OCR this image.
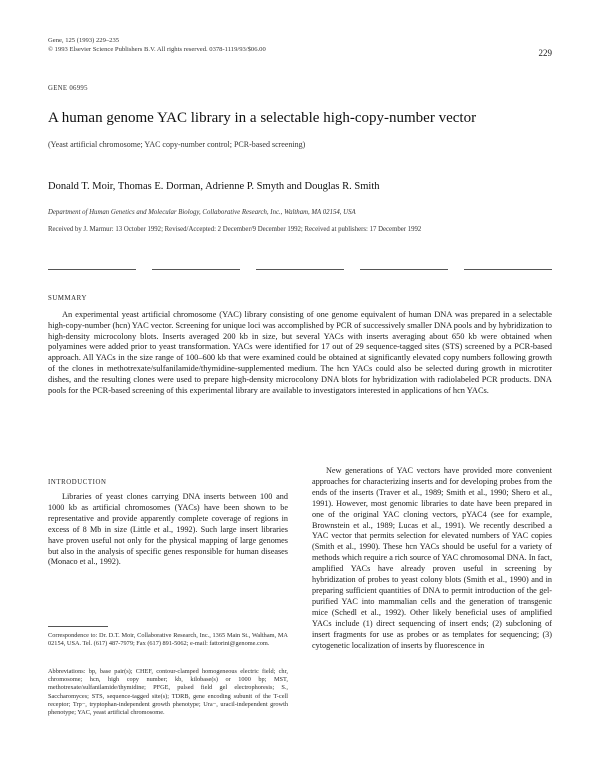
Gene, 125 (1993) 229–235
© 1993 Elsevier Science Publishers B.V. All rights reserved. 0378-1119/93/$06.00	229
GENE 06995
A human genome YAC library in a selectable high-copy-number vector
(Yeast artificial chromosome; YAC copy-number control; PCR-based screening)
Donald T. Moir, Thomas E. Dorman, Adrienne P. Smyth and Douglas R. Smith
Department of Human Genetics and Molecular Biology, Collaborative Research, Inc., Waltham, MA 02154, USA
Received by J. Marmur: 13 October 1992; Revised/Accepted: 2 December/9 December 1992; Received at publishers: 17 December 1992
SUMMARY

An experimental yeast artificial chromosome (YAC) library consisting of one genome equivalent of human DNA was prepared in a selectable high-copy-number (hcn) YAC vector. Screening for unique loci was accomplished by PCR of successively smaller DNA pools and by hybridization to high-density microcolony blots. Inserts averaged 200 kb in size, but several YACs with inserts averaging about 650 kb were obtained when polyamines were added prior to yeast transformation. YACs were identified for 17 out of 29 sequence-tagged sites (STS) screened by a PCR-based approach. All YACs in the size range of 100–600 kb that were examined could be obtained at significantly elevated copy numbers following growth of the clones in methotrexate/sulfanilamide/thymidine-supplemented medium. The hcn YACs could also be selected during growth in microtiter dishes, and the resulting clones were used to prepare high-density microcolony DNA blots for hybridization with radiolabeled PCR products. DNA pools for the PCR-based screening of this experimental library are available to investigators interested in applications of hcn YACs.

INTRODUCTION

Libraries of yeast clones carrying DNA inserts between 100 and 1000 kb as artificial chromosomes (YACs) have been shown to be representative and provide apparently complete coverage of regions in excess of 8 Mb in size (Little et al., 1992). Such large insert libraries have proven useful not only for the physical mapping of large genomes but also in the analysis of specific genes responsible for human diseases (Monaco et al., 1992).

Correspondence to: Dr. D.T. Moir, Collaborative Research, Inc., 1365 Main St., Waltham, MA 02154, USA. Tel. (617) 487-7979; Fax (617) 891-5062; e-mail: fattorini@genome.com.

Abbreviations: bp, base pair(s); CHEF, contour-clamped homogeneous electric field; chr, chromosome; hcn, high copy number; kb, kilobase(s) or 1000 bp; MST, methotrexate/sulfanilamide/thymidine; PFGE, pulsed field gel electrophoresis; S., Saccharomyces; STS, sequence-tagged site(s); TDRB, gene encoding subunit of the T-cell receptor; Trp−, tryptophan-independent growth phenotype; Ura−, uracil-independent growth phenotype; YAC, yeast artificial chromosome.

New generations of YAC vectors have provided more convenient approaches for characterizing inserts and for developing probes from the ends of the inserts (Traver et al., 1989; Smith et al., 1990; Shero et al., 1991). However, most genomic libraries to date have been prepared in one of the original YAC cloning vectors, pYAC4 (see for example, Brownstein et al., 1989; Lucas et al., 1991). We recently described a YAC vector that permits selection for elevated numbers of YAC copies (Smith et al., 1990). These hcn YACs should be useful for a variety of methods which require a rich source of YAC chromosomal DNA. In fact, amplified YACs have already proven useful in screening by hybridization of probes to yeast colony blots (Smith et al., 1990) and in preparing sufficient quantities of DNA to permit introduction of the gel-purified YAC into mammalian cells and the generation of transgenic mice (Schedl et al., 1992). Other likely beneficial uses of amplified YACs include (1) direct sequencing of insert ends; (2) subcloning of insert fragments for use as probes or as templates for sequencing; (3) cytogenetic localization of inserts by fluorescence in
